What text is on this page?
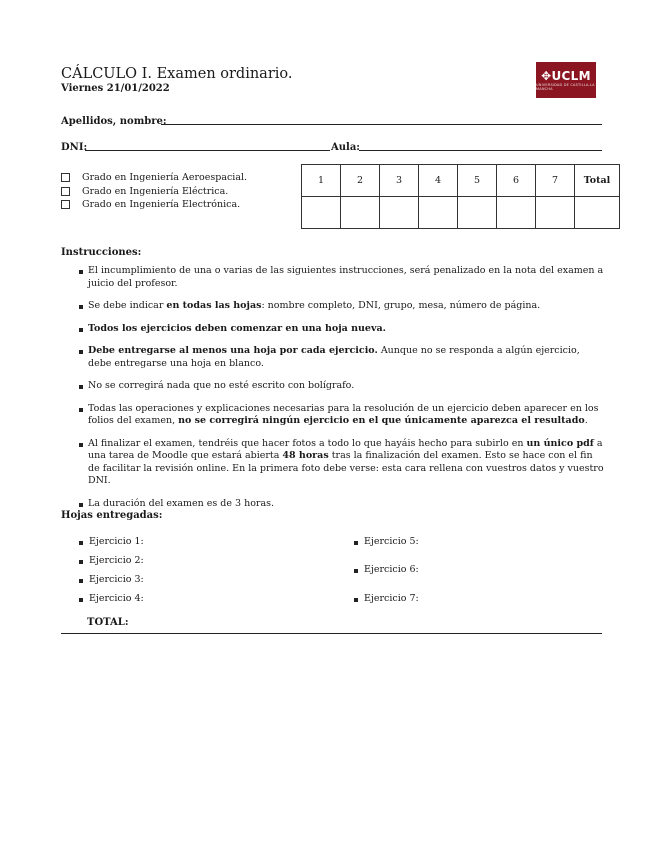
CÁLCULO I. Examen ordinario.
Viernes 21/01/2022
✥UCLM
UNIVERSIDAD DE CASTILLA-LA MANCHA
Apellidos, nombre:
DNI:	Aula:
Grado en Ingeniería Aeroespacial.
Grado en Ingeniería Eléctrica.
Grado en Ingeniería Electrónica.
1	2	3	4	5	6	7	Total

Instrucciones:
El incumplimiento de una o varias de las siguientes instrucciones, será penalizado en la nota del examen a juicio del profesor.
Se debe indicar en todas las hojas: nombre completo, DNI, grupo, mesa, número de página.
Todos los ejercicios deben comenzar en una hoja nueva.
Debe entregarse al menos una hoja por cada ejercicio. Aunque no se responda a algún ejercicio, debe entregarse una hoja en blanco.
No se corregirá nada que no esté escrito con bolígrafo.
Todas las operaciones y explicaciones necesarias para la resolución de un ejercicio deben aparecer en los folios del examen, no se corregirá ningún ejercicio en el que únicamente aparezca el resultado.
Al finalizar el examen, tendréis que hacer fotos a todo lo que hayáis hecho para subirlo en un único pdf a una tarea de Moodle que estará abierta 48 horas tras la finalización del examen. Esto se hace con el fin de facilitar la revisión online. En la primera foto debe verse: esta cara rellena con vuestros datos y vuestro DNI.
La duración del examen es de 3 horas.
Hojas entregadas:
Ejercicio 1:
Ejercicio 2:
Ejercicio 3:
Ejercicio 4:
Ejercicio 5:
Ejercicio 6:
Ejercicio 7:
TOTAL:
